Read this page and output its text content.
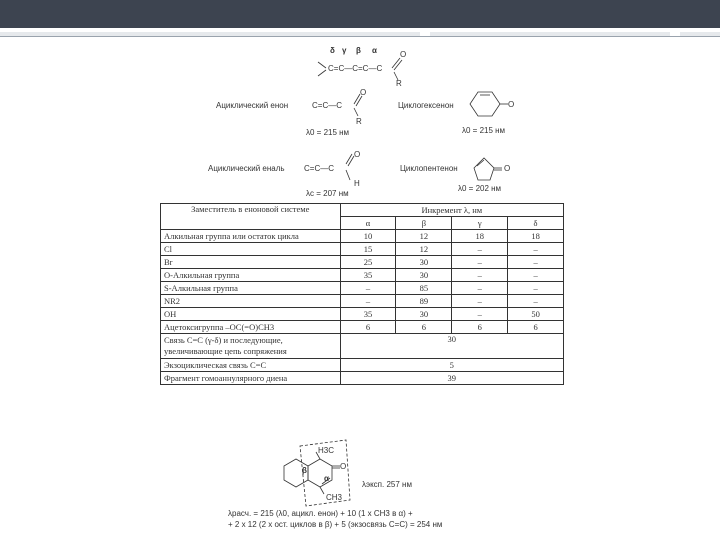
δ γ β α
C=C—C=C—C
O
R
Ациклический енон	C=C—C
O
R
λ0 = 215 нм
Циклогексенон	O
λ0 = 215 нм
Ациклический еналь C=C—C
O
H
λc = 207 нм
Циклопентенон	O
λ0 = 202 нм
Заместитель в еноновой системе	Инкремент λ, нм			
	α	β	γ	δ
Алкильная группа или остаток цикла	10	12	18	18
Cl	15	12	–	–
Br	25	30	–	–
O-Алкильная группа	35	30	–	–
S-Алкильная группа	–	85	–	–
NR2	–	89	–	–
OH	35	30	–	50
Ацетоксигруппа –OC(=O)CH3	6	6	6	6
Связь C=C (γ-δ) и последующие, увеличивающие цепь сопряжения	30			
Экзоциклическая связь C=C	5			
Фрагмент гомоаннулярного диена	39			
H3C
β
α
O
CH3
λэксп. 257 нм
λрасч. = 215 (λ0, ацикл. енон) + 10 (1 x CH3 в α) +
+ 2 x 12 (2 х ост. циклов в β) + 5 (экзосвязь C=C) = 254 нм
